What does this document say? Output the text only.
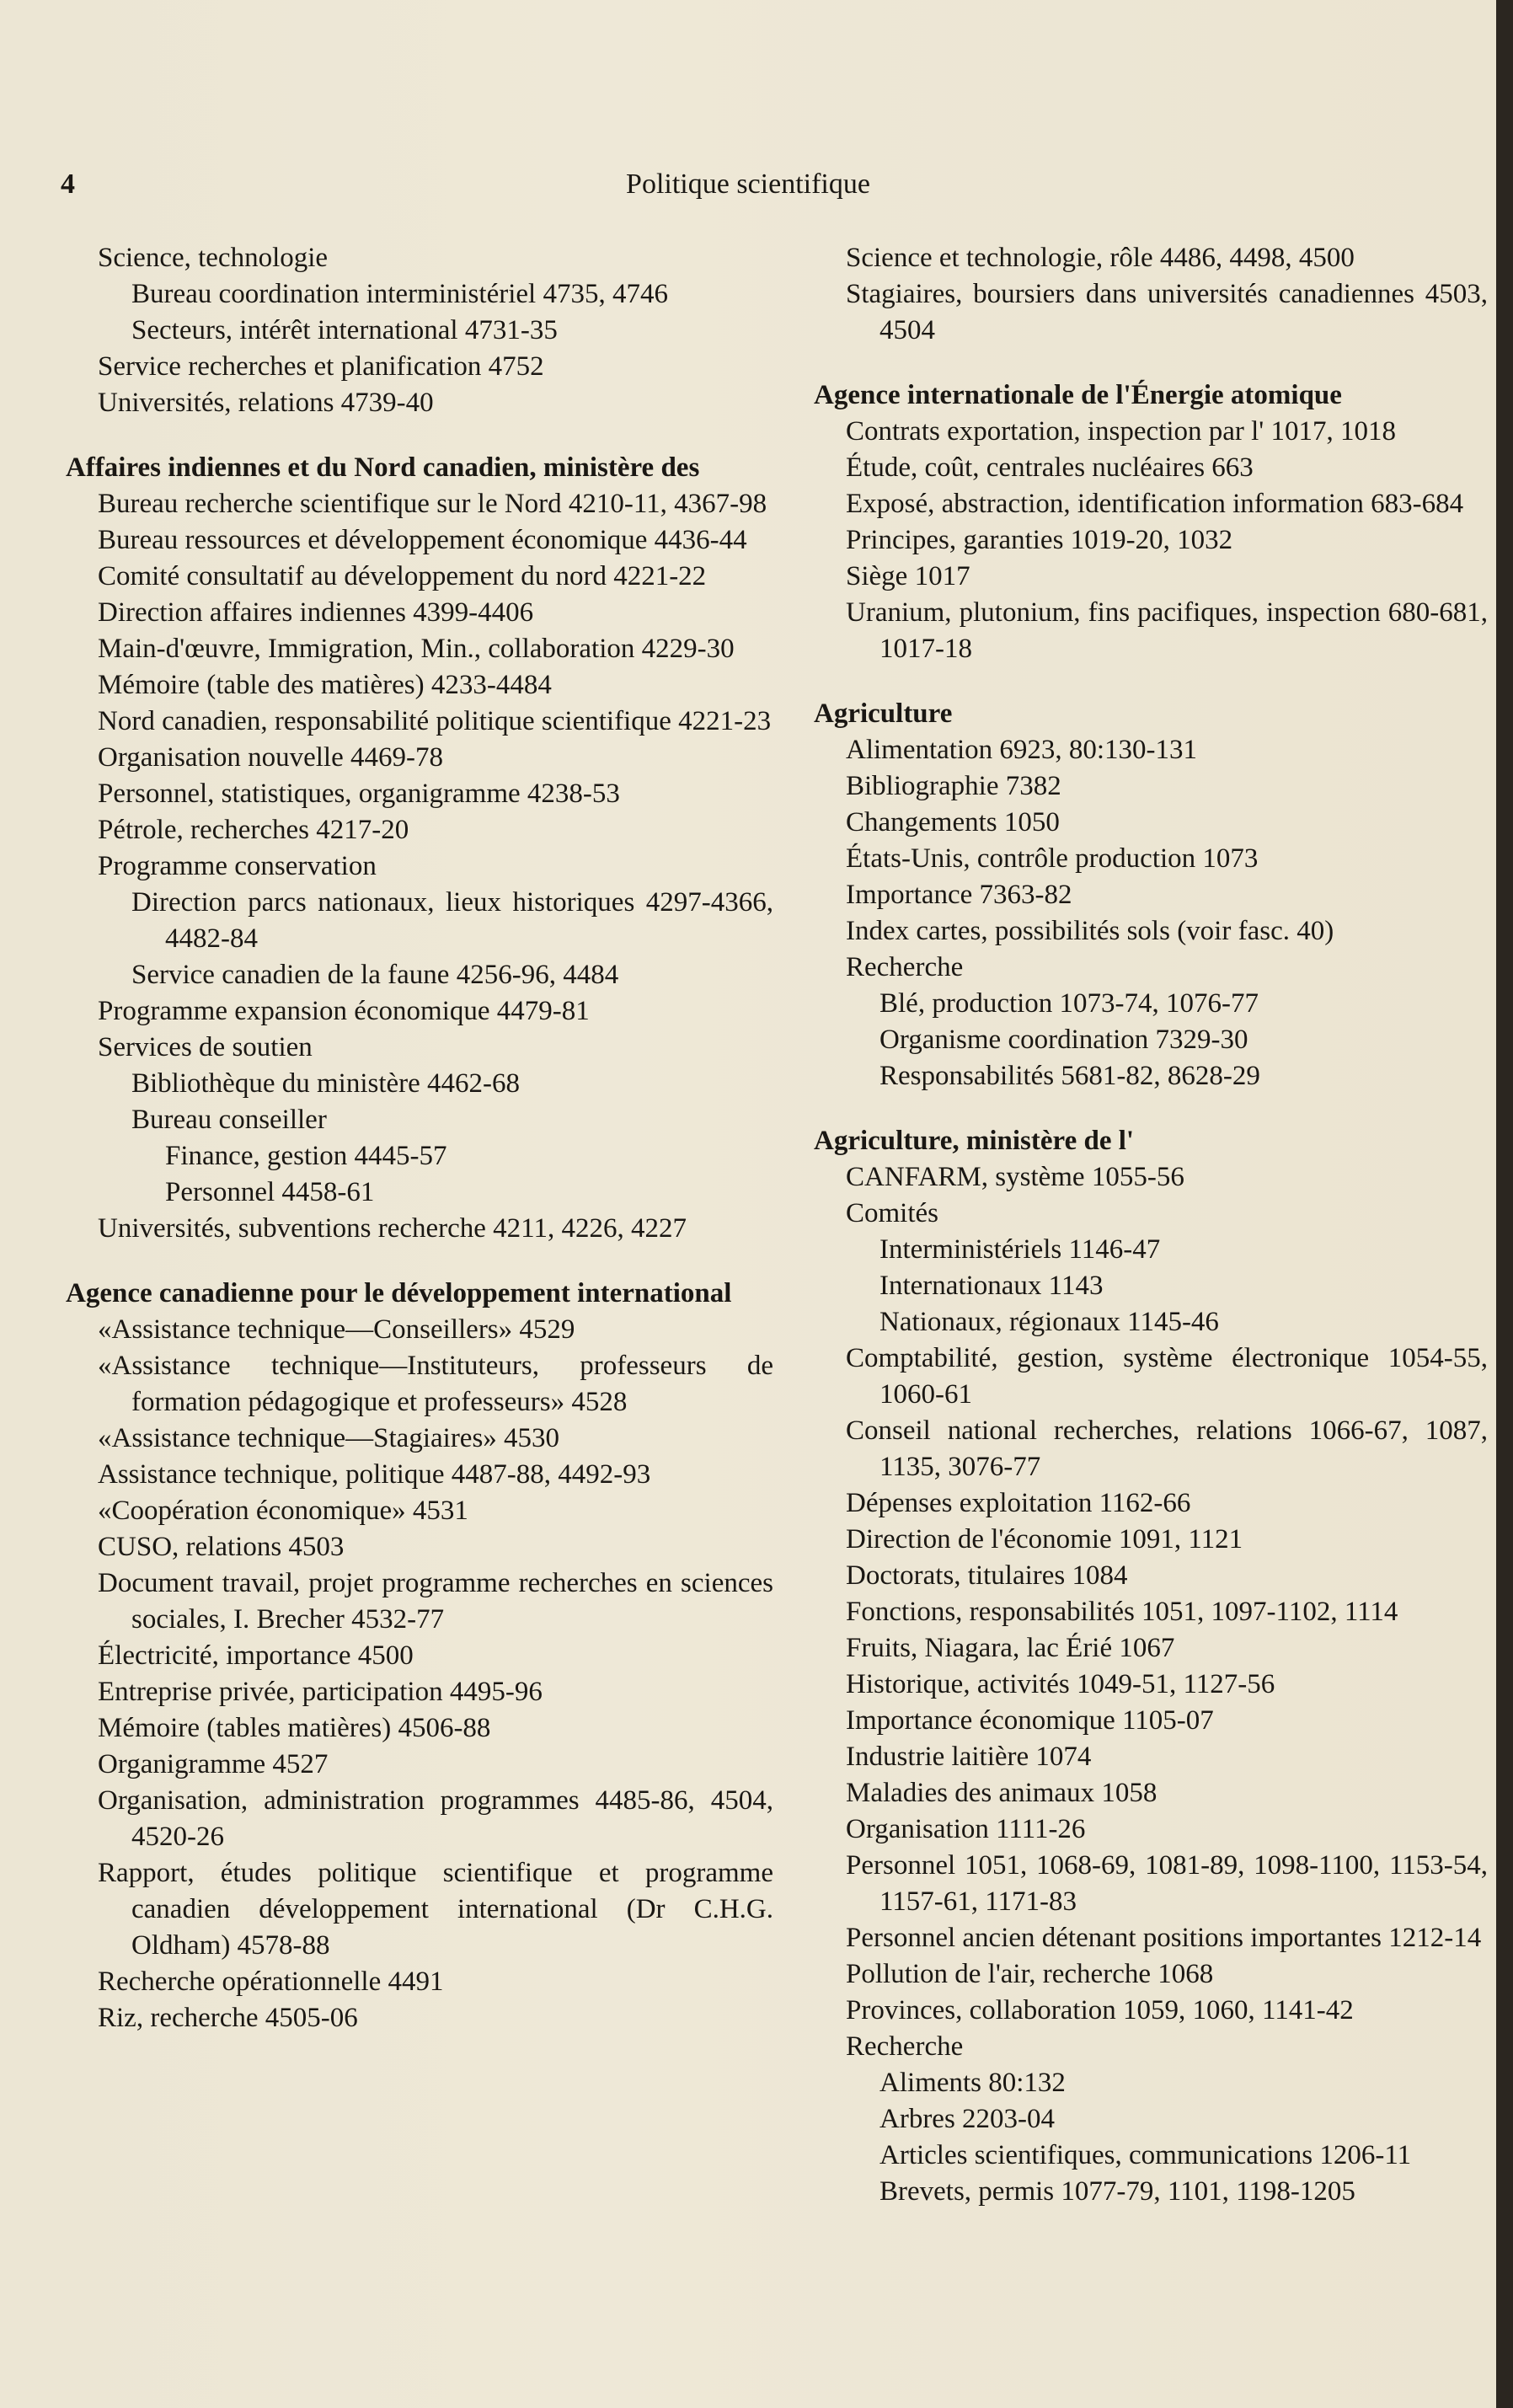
4	Politique scientifique
Science, technologie
Bureau coordination interministériel 4735, 4746
Secteurs, intérêt international 4731-35
Service recherches et planification 4752
Universités, relations 4739-40
Affaires indiennes et du Nord canadien, ministère des
Bureau recherche scientifique sur le Nord 4210-11, 4367-98
Bureau ressources et développement économique 4436-44
Comité consultatif au développement du nord 4221-22
Direction affaires indiennes 4399-4406
Main-d'œuvre, Immigration, Min., collaboration 4229-30
Mémoire (table des matières) 4233-4484
Nord canadien, responsabilité politique scientifique 4221-23
Organisation nouvelle 4469-78
Personnel, statistiques, organigramme 4238-53
Pétrole, recherches 4217-20
Programme conservation
Direction parcs nationaux, lieux historiques 4297-4366, 4482-84
Service canadien de la faune 4256-96, 4484
Programme expansion économique 4479-81
Services de soutien
Bibliothèque du ministère 4462-68
Bureau conseiller
Finance, gestion 4445-57
Personnel 4458-61
Universités, subventions recherche 4211, 4226, 4227
Agence canadienne pour le développement international
«Assistance technique—Conseillers» 4529
«Assistance technique—Instituteurs, professeurs de formation pédagogique et professeurs» 4528
«Assistance technique—Stagiaires» 4530
Assistance technique, politique 4487-88, 4492-93
«Coopération économique» 4531
CUSO, relations 4503
Document travail, projet programme recherches en sciences sociales, I. Brecher 4532-77
Électricité, importance 4500
Entreprise privée, participation 4495-96
Mémoire (tables matières) 4506-88
Organigramme 4527
Organisation, administration programmes 4485-86, 4504, 4520-26
Rapport, études politique scientifique et programme canadien développement international (Dr C.H.G. Oldham) 4578-88
Recherche opérationnelle 4491
Riz, recherche 4505-06
Science et technologie, rôle 4486, 4498, 4500
Stagiaires, boursiers dans universités canadiennes 4503, 4504
Agence internationale de l'Énergie atomique
Contrats exportation, inspection par l' 1017, 1018
Étude, coût, centrales nucléaires 663
Exposé, abstraction, identification information 683-684
Principes, garanties 1019-20, 1032
Siège 1017
Uranium, plutonium, fins pacifiques, inspection 680-681, 1017-18
Agriculture
Alimentation 6923, 80:130-131
Bibliographie 7382
Changements 1050
États-Unis, contrôle production 1073
Importance 7363-82
Index cartes, possibilités sols (voir fasc. 40)
Recherche
Blé, production 1073-74, 1076-77
Organisme coordination 7329-30
Responsabilités 5681-82, 8628-29
Agriculture, ministère de l'
CANFARM, système 1055-56
Comités
Interministériels 1146-47
Internationaux 1143
Nationaux, régionaux 1145-46
Comptabilité, gestion, système électronique 1054-55, 1060-61
Conseil national recherches, relations 1066-67, 1087, 1135, 3076-77
Dépenses exploitation 1162-66
Direction de l'économie 1091, 1121
Doctorats, titulaires 1084
Fonctions, responsabilités 1051, 1097-1102, 1114
Fruits, Niagara, lac Érié 1067
Historique, activités 1049-51, 1127-56
Importance économique 1105-07
Industrie laitière 1074
Maladies des animaux 1058
Organisation 1111-26
Personnel 1051, 1068-69, 1081-89, 1098-1100, 1153-54, 1157-61, 1171-83
Personnel ancien détenant positions importantes 1212-14
Pollution de l'air, recherche 1068
Provinces, collaboration 1059, 1060, 1141-42
Recherche
Aliments 80:132
Arbres 2203-04
Articles scientifiques, communications 1206-11
Brevets, permis 1077-79, 1101, 1198-1205
